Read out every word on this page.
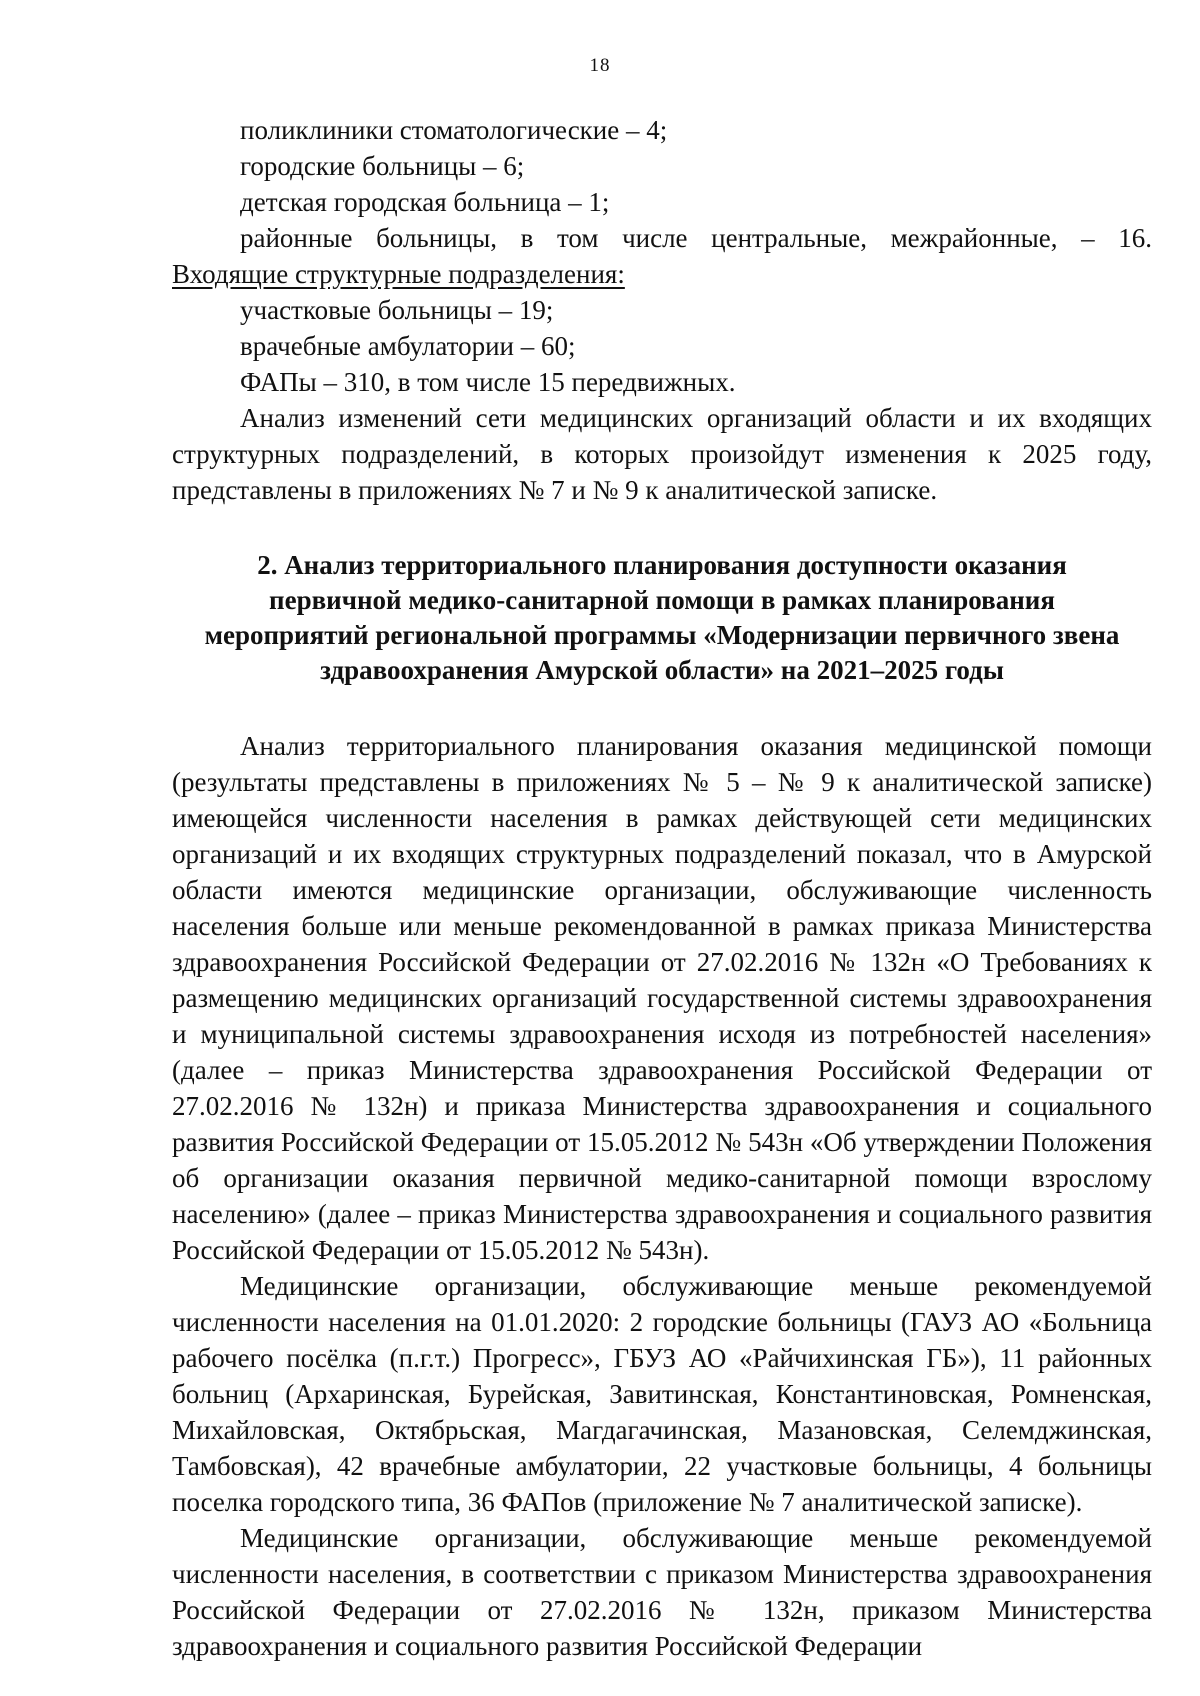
18
поликлиники стоматологические – 4;
городские больницы – 6;
детская городская больница – 1;
районные больницы, в том числе центральные, межрайонные, – 16.
Входящие структурные подразделения:
участковые больницы – 19;
врачебные амбулатории – 60;
ФАПы – 310, в том числе 15 передвижных.

Анализ изменений сети медицинских организаций области и их входящих структурных подразделений, в которых произойдут изменения к 2025 году, представлены в приложениях № 7 и № 9 к аналитической записке.

2. Анализ территориального планирования доступности оказания
первичной медико-санитарной помощи в рамках планирования
мероприятий региональной программы «Модернизации первичного звена
здравоохранения Амурской области» на 2021–2025 годы

Анализ территориального планирования оказания медицинской помощи (результаты представлены в приложениях № 5 – № 9 к аналитической записке) имеющейся численности населения в рамках действующей сети медицинских организаций и их входящих структурных подразделений показал, что в Амурской области имеются медицинские организации, обслуживающие численность населения больше или меньше рекомендованной в рамках приказа Министерства здравоохранения Российской Федерации от 27.02.2016 № 132н «О Требованиях к размещению медицинских организаций государственной системы здравоохранения и муниципальной системы здравоохранения исходя из потребностей населения» (далее – приказ Министерства здравоохранения Российской Федерации от 27.02.2016 № 132н) и приказа Министерства здравоохранения и социального развития Российской Федерации от 15.05.2012 № 543н «Об утверждении Положения об организации оказания первичной медико-санитарной помощи взрослому населению» (далее – приказ Министерства здравоохранения и социального развития Российской Федерации от 15.05.2012 № 543н).

Медицинские организации, обслуживающие меньше рекомендуемой численности населения на 01.01.2020: 2 городские больницы (ГАУЗ АО «Больница рабочего посёлка (п.г.т.) Прогресс», ГБУЗ АО «Райчихинская ГБ»), 11 районных больниц (Архаринская, Бурейская, Завитинская, Константиновская, Ромненская, Михайловская, Октябрьская, Магдагачинская, Мазановская, Селемджинская, Тамбовская), 42 врачебные амбулатории, 22 участковые больницы, 4 больницы поселка городского типа, 36 ФАПов (приложение № 7 аналитической записке).

Медицинские организации, обслуживающие меньше рекомендуемой численности населения, в соответствии с приказом Министерства здравоохранения Российской Федерации от 27.02.2016 № 132н, приказом Министерства здравоохранения и социального развития Российской Федерации
